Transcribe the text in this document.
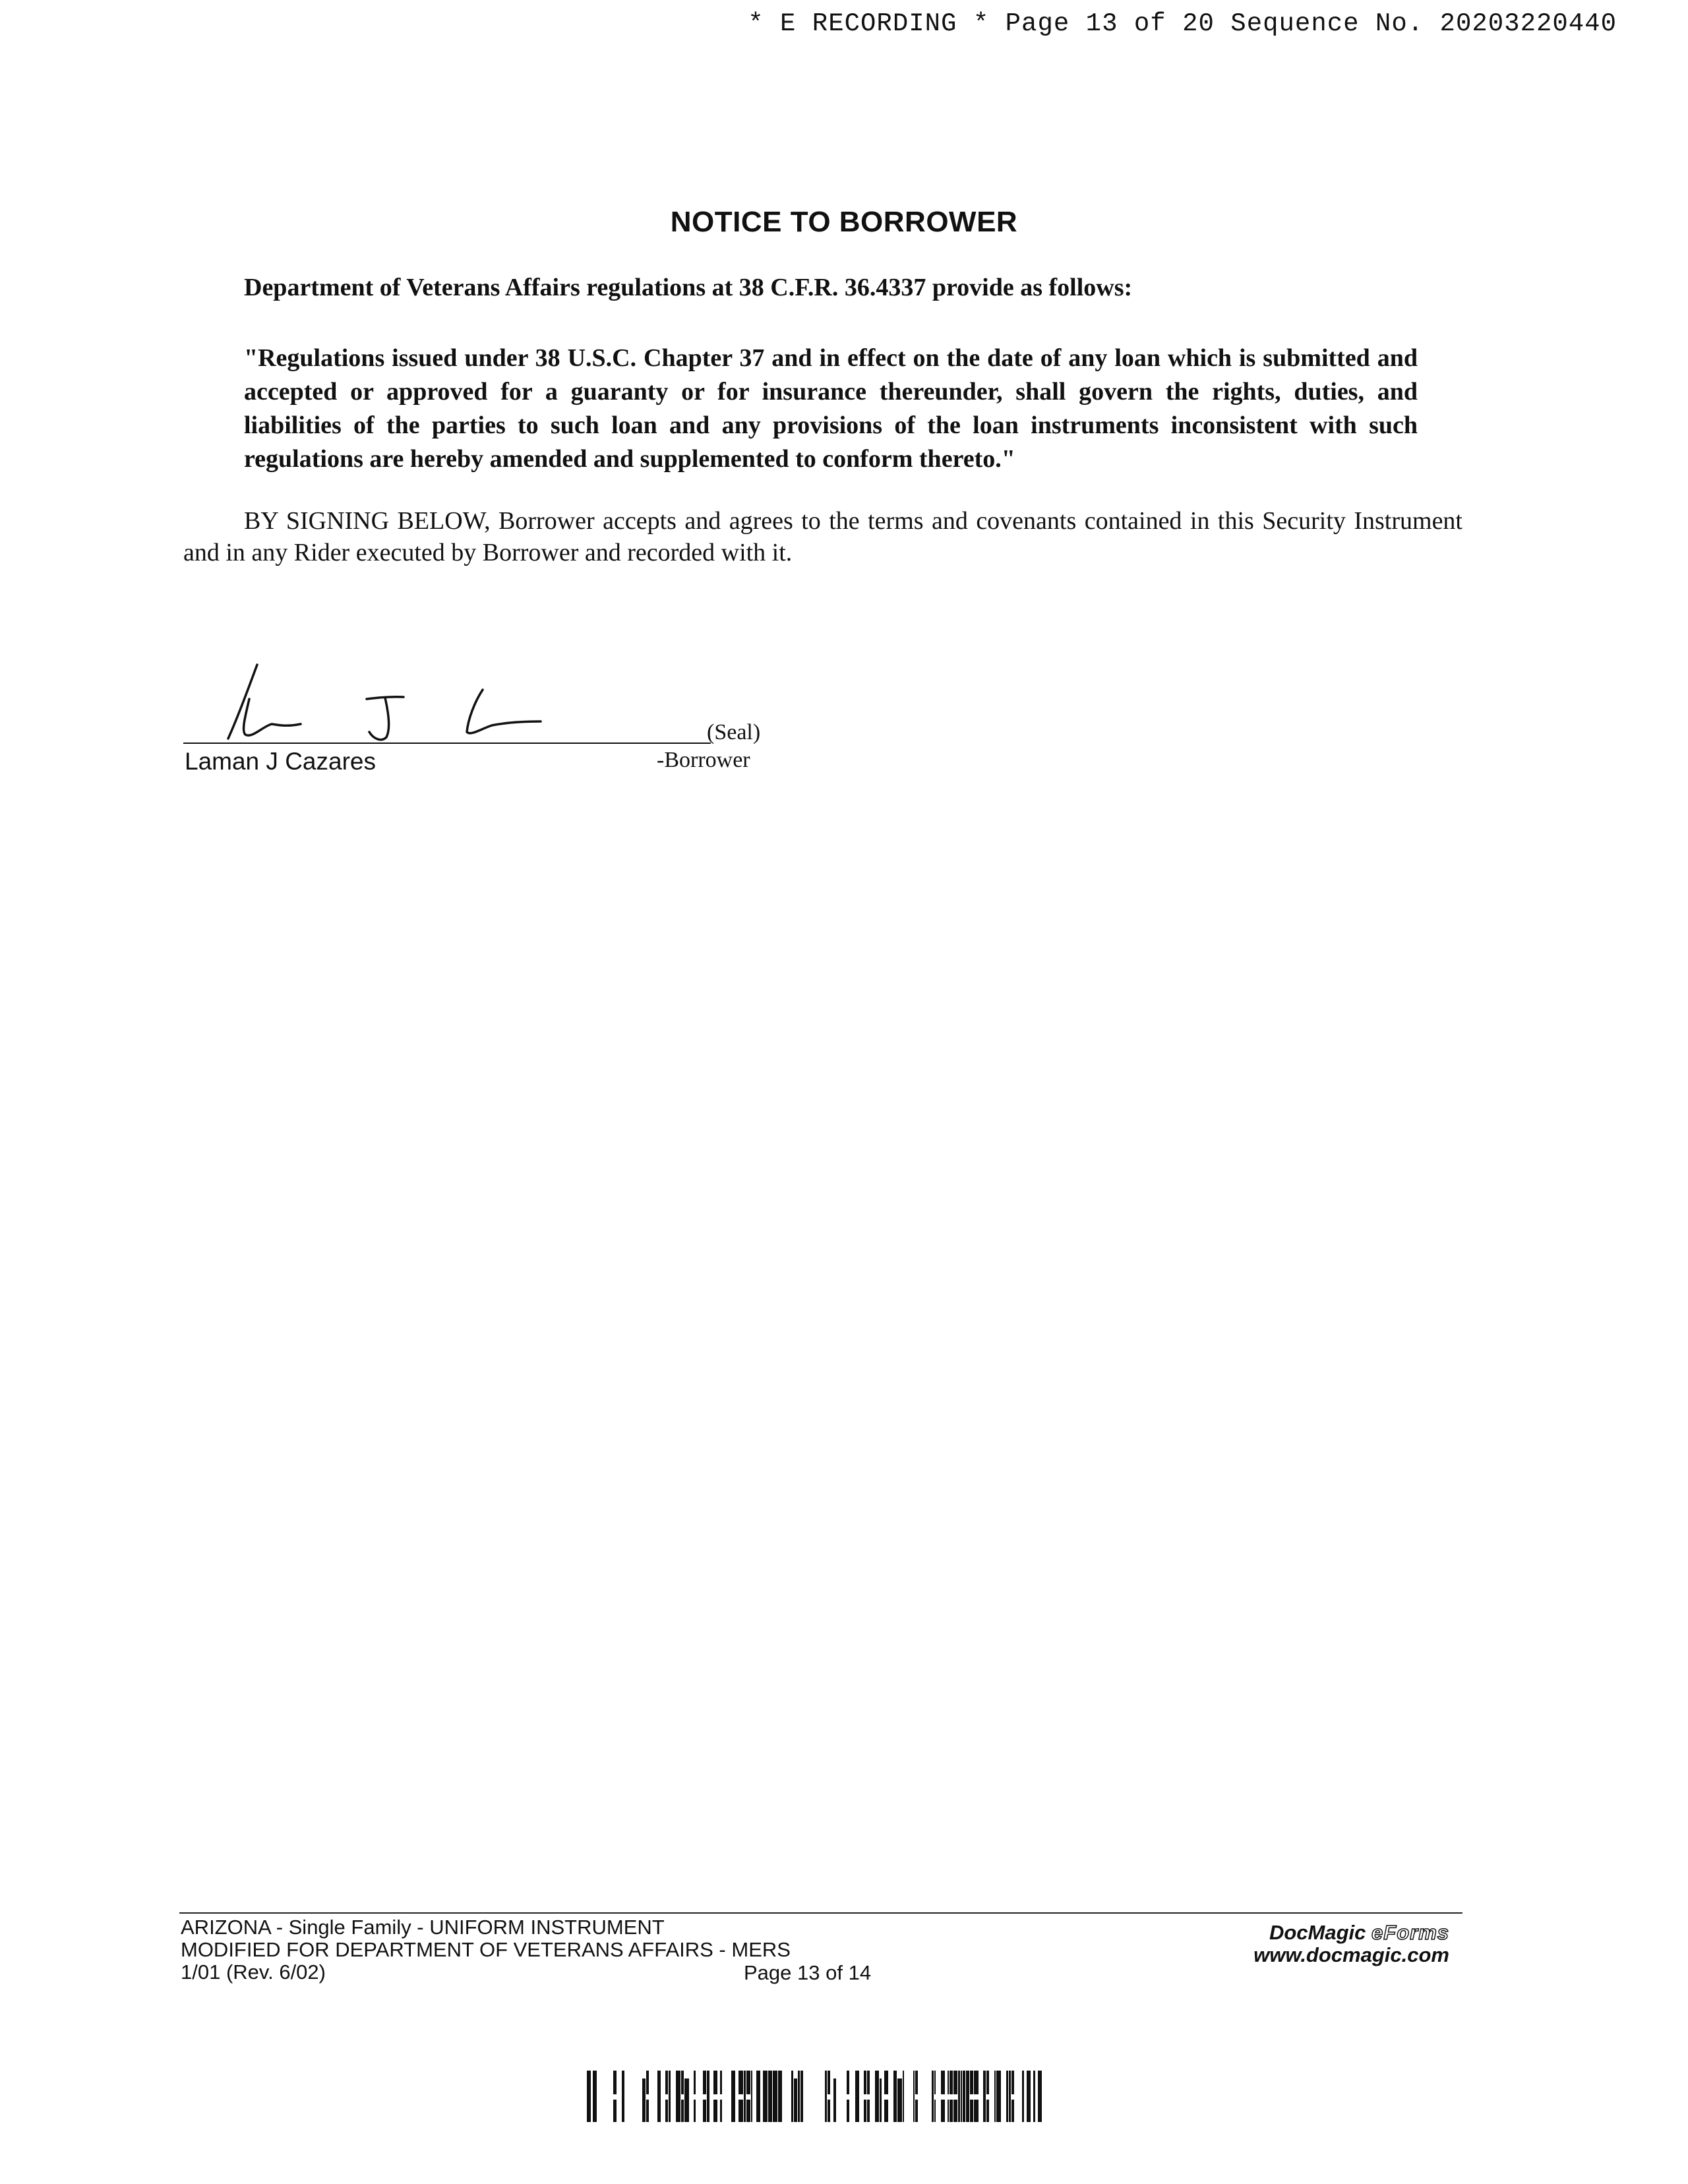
* E RECORDING * Page 13 of 20 Sequence No. 20203220440
NOTICE TO BORROWER
Department of Veterans Affairs regulations at 38 C.F.R. 36.4337 provide as follows:
"Regulations issued under 38 U.S.C. Chapter 37 and in effect on the date of any loan which is submitted and accepted or approved for a guaranty or for insurance thereunder, shall govern the rights, duties, and liabilities of the parties to such loan and any provisions of the loan instruments inconsistent with such regulations are hereby amended and supplemented to conform thereto."
BY SIGNING BELOW, Borrower accepts and agrees to the terms and covenants contained in this Security Instrument and in any Rider executed by Borrower and recorded with it.
(Seal)
Laman J Cazares	-Borrower
ARIZONA - Single Family - UNIFORM INSTRUMENT
MODIFIED FOR DEPARTMENT OF VETERANS AFFAIRS - MERS
1/01 (Rev. 6/02)	Page 13 of 14
DocMagic eForms
www.docmagic.com
